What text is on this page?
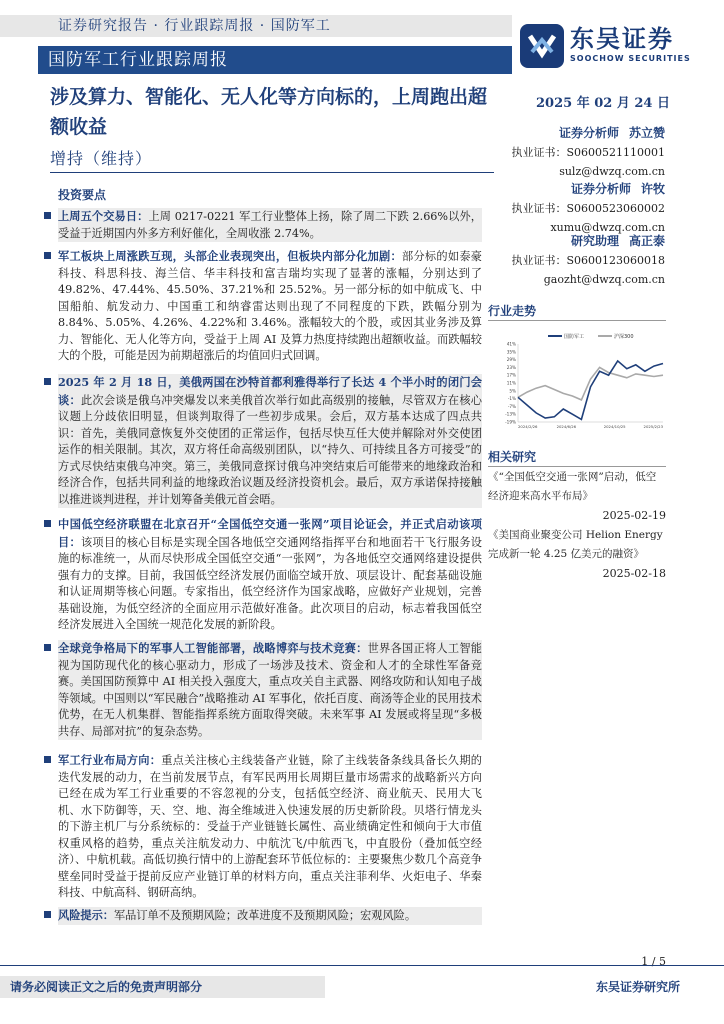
证券研究报告 · 行业跟踪周报 · 国防军工
国防军工行业跟踪周报
东吴证券
SOOCHOW SECURITIES
涉及算力、智能化、无人化等方向标的，上周跑出超额收益
增持（维持）
2025 年 02 月 24 日
证券分析师 苏立赞
执业证书：S0600521110001
sulz@dwzq.com.cn
证券分析师 许牧
执业证书：S0600523060002
xumu@dwzq.com.cn
研究助理 高正泰
执业证书：S0600123060018
gaozht@dwzq.com.cn
投资要点
上周五个交易日：上周 0217-0221 军工行业整体上扬，除了周二下跌 2.66%以外，受益于近期国内外多方利好催化，全周收涨 2.74%。
军工板块上周涨跌互现，头部企业表现突出，但板块内部分化加剧：部分标的如泰豪科技、科思科技、海兰信、华丰科技和富吉瑞均实现了显著的涨幅，分别达到了 49.82%、47.44%、45.50%、37.21%和 25.52%。另一部分标的如中航成飞、中国船舶、航发动力、中国重工和纳睿雷达则出现了不同程度的下跌，跌幅分别为 8.84%、5.05%、4.26%、4.22%和 3.46%。涨幅较大的个股，或因其业务涉及算力、智能化、无人化等方向，受益于上周 AI 及算力热度持续跑出超额收益。而跌幅较大的个股，可能是因为前期超涨后的均值回归式回调。
2025 年 2 月 18 日，美俄两国在沙特首都利雅得举行了长达 4 个半小时的闭门会谈：此次会谈是俄乌冲突爆发以来美俄首次举行如此高级别的接触，尽管双方在核心议题上分歧依旧明显，但谈判取得了一些初步成果。会后，双方基本达成了四点共识：首先，美俄同意恢复外交使团的正常运作，包括尽快互任大使并解除对外交使团运作的相关限制。其次，双方将任命高级别团队，以“持久、可持续且各方可接受”的方式尽快结束俄乌冲突。第三，美俄同意探讨俄乌冲突结束后可能带来的地缘政治和经济合作，包括共同利益的地缘政治议题及经济投资机会。最后，双方承诺保持接触以推进谈判进程，并计划筹备美俄元首会晤。
中国低空经济联盟在北京召开“全国低空交通一张网”项目论证会，并正式启动该项目：该项目的核心目标是实现全国各地低空交通网络指挥平台和地面若干飞行服务设施的标准统一，从而尽快形成全国低空交通“一张网”，为各地低空交通网络建设提供强有力的支撑。目前，我国低空经济发展仍面临空域开放、项层设计、配套基础设施和认证周期等核心问题。专家指出，低空经济作为国家战略，应做好产业规划，完善基础设施，为低空经济的全面应用示范做好准备。此次项目的启动，标志着我国低空经济发展进入全国统一规范化发展的新阶段。
全球竞争格局下的军事人工智能部署，战略博弈与技术竞赛：世界各国正将人工智能视为国防现代化的核心驱动力，形成了一场涉及技术、资金和人才的全球性军备竞赛。美国国防预算中 AI 相关投入强度大，重点攻关自主武器、网络攻防和认知电子战等领域。中国则以“军民融合”战略推动 AI 军事化，依托百度、商汤等企业的民用技术优势，在无人机集群、智能指挥系统方面取得突破。未来军事 AI 发展或将呈现“多极共存、局部对抗”的复杂态势。
军工行业布局方向：重点关注核心主线装备产业链，除了主线装备条线具备长久期的迭代发展的动力，在当前发展节点，有军民两用长周期巨量市场需求的战略新兴方向已经在成为军工行业重要的不容忽视的分支，包括低空经济、商业航天、民用大飞机、水下防御等，天、空、地、海全维域进入快速发展的历史新阶段。贝塔行情龙头的下游主机厂与分系统标的：受益于产业链链长属性、高业绩确定性和倾向于大市值权重风格的趋势，重点关注航发动力、中航沈飞/中航西飞，中直股份（叠加低空经济）、中航机载。高低切换行情中的上游配套环节低位标的：主要聚焦少数几个高竞争壁垒同时受益于提前反应产业链订单的材料方向，重点关注菲利华、火炬电子、华秦科技、中航高科、钢研高纳。
风险提示：军品订单不及预期风险；改革进度不及预期风险；宏观风险。
行业走势
国防军工	沪深300
41%
35%
29%
23%
17%
11%
5%
-1%
-7%
-13%
-19%
2024/2/26	2024/6/26	2024/10/25	2025/2/23
相关研究
《“全国低空交通一张网”启动，低空经济迎来高水平布局》
2025-02-19
《美国商业聚变公司 Helion Energy 完成新一轮 4.25 亿美元的融资》
2025-02-18
1 / 5
请务必阅读正文之后的免责声明部分	东吴证券研究所
